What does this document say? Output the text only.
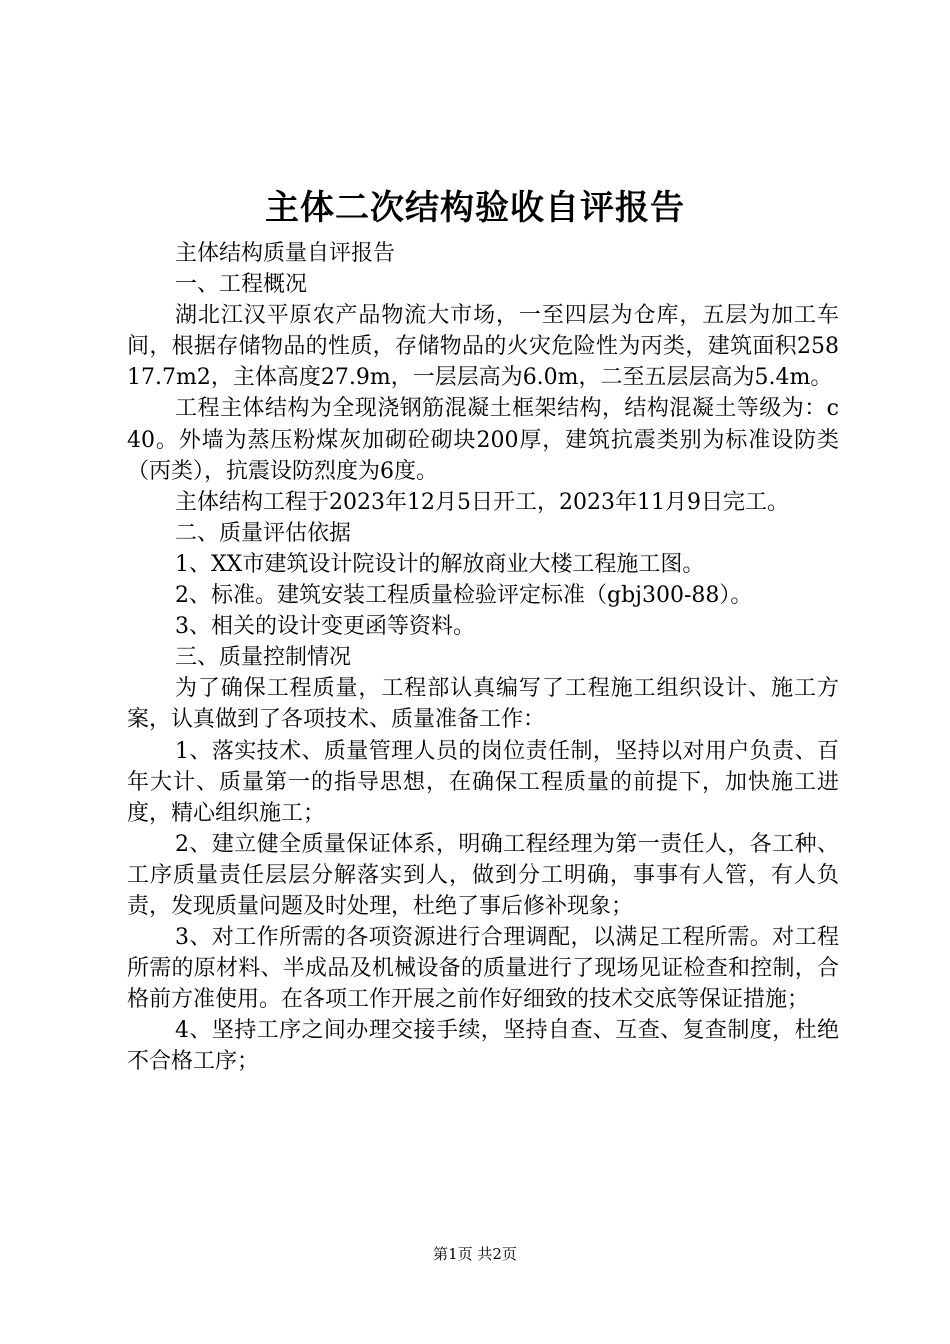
主体二次结构验收自评报告

主体结构质量自评报告

一、工程概况

湖北江汉平原农产品物流大市场，一至四层为仓库，五层为加工车间，根据存储物品的性质，存储物品的火灾危险性为丙类，建筑面积25817.7m2，主体高度27.9m，一层层高为6.0m，二至五层层高为5.4m。

工程主体结构为全现浇钢筋混凝土框架结构，结构混凝土等级为：c40。外墙为蒸压粉煤灰加砌砼砌块200厚，建筑抗震类别为标准设防类（丙类），抗震设防烈度为6度。

主体结构工程于2023年12月5日开工，2023年11月9日完工。

二、质量评估依据

1、XX市建筑设计院设计的解放商业大楼工程施工图。

2、标准。建筑安装工程质量检验评定标准（gbj300-88）。

3、相关的设计变更函等资料。

三、质量控制情况

为了确保工程质量，工程部认真编写了工程施工组织设计、施工方案，认真做到了各项技术、质量准备工作：

1、落实技术、质量管理人员的岗位责任制，坚持以对用户负责、百年大计、质量第一的指导思想，在确保工程质量的前提下，加快施工进度，精心组织施工；

2、建立健全质量保证体系，明确工程经理为第一责任人，各工种、工序质量责任层层分解落实到人，做到分工明确，事事有人管，有人负责，发现质量问题及时处理，杜绝了事后修补现象；

3、对工作所需的各项资源进行合理调配，以满足工程所需。对工程所需的原材料、半成品及机械设备的质量进行了现场见证检查和控制，合格前方准使用。在各项工作开展之前作好细致的技术交底等保证措施；

4、坚持工序之间办理交接手续，坚持自查、互查、复查制度，杜绝不合格工序；

第1页 共2页
